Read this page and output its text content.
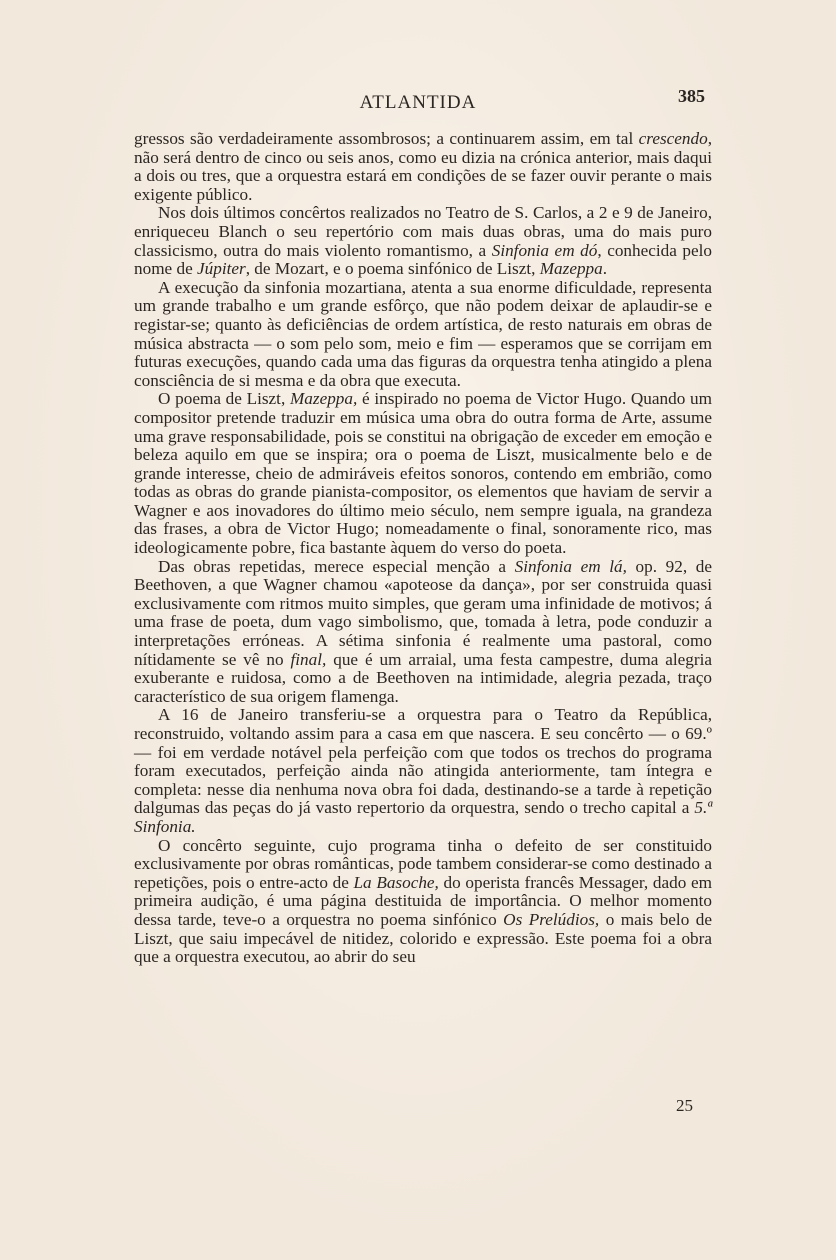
ATLANTIDA	385

gressos são verdadeiramente assombrosos; a continuarem assim, em tal crescendo, não será dentro de cinco ou seis anos, como eu dizia na crónica anterior, mais daqui a dois ou tres, que a orquestra estará em condições de se fazer ouvir perante o mais exigente público.

Nos dois últimos concêrtos realizados no Teatro de S. Carlos, a 2 e 9 de Janeiro, enriqueceu Blanch o seu repertório com mais duas obras, uma do mais puro classicismo, outra do mais violento romantismo, a Sinfonia em dó, conhecida pelo nome de Júpiter, de Mozart, e o poema sinfónico de Liszt, Mazeppa.

A execução da sinfonia mozartiana, atenta a sua enorme dificuldade, representa um grande trabalho e um grande esfôrço, que não podem deixar de aplaudir-se e registar-se; quanto às deficiências de ordem artística, de resto naturais em obras de música abstracta — o som pelo som, meio e fim — esperamos que se corrijam em futuras execuções, quando cada uma das figuras da orquestra tenha atingido a plena consciência de si mesma e da obra que executa.

O poema de Liszt, Mazeppa, é inspirado no poema de Victor Hugo. Quando um compositor pretende traduzir em música uma obra do outra forma de Arte, assume uma grave responsabilidade, pois se constitui na obrigação de exceder em emoção e beleza aquilo em que se inspira; ora o poema de Liszt, musicalmente belo e de grande interesse, cheio de admiráveis efeitos sonoros, contendo em embrião, como todas as obras do grande pianista-compositor, os elementos que haviam de servir a Wagner e aos inovadores do último meio século, nem sempre iguala, na grandeza das frases, a obra de Victor Hugo; nomeadamente o final, sonoramente rico, mas ideologicamente pobre, fica bastante àquem do verso do poeta.

Das obras repetidas, merece especial menção a Sinfonia em lá, op. 92, de Beethoven, a que Wagner chamou «apoteose da dança», por ser construida quasi exclusivamente com ritmos muito simples, que geram uma infinidade de motivos; á uma frase de poeta, dum vago simbolismo, que, tomada à letra, pode conduzir a interpretações erróneas. A sétima sinfonia é realmente uma pastoral, como nítidamente se vê no final, que é um arraial, uma festa campestre, duma alegria exuberante e ruidosa, como a de Beethoven na intimidade, alegria pezada, traço característico de sua origem flamenga.

A 16 de Janeiro transferiu-se a orquestra para o Teatro da República, reconstruido, voltando assim para a casa em que nascera. E seu concêrto — o 69.º — foi em verdade notável pela perfeição com que todos os trechos do programa foram executados, perfeição ainda não atingida anteriormente, tam íntegra e completa: nesse dia nenhuma nova obra foi dada, destinando-se a tarde à repetição dalgumas das peças do já vasto repertorio da orquestra, sendo o trecho capital a 5.ª Sinfonia.

O concêrto seguinte, cujo programa tinha o defeito de ser constituido exclusivamente por obras românticas, pode tambem considerar-se como destinado a repetições, pois o entre-acto de La Basoche, do operista francês Messager, dado em primeira audição, é uma página destituida de importância. O melhor momento dessa tarde, teve-o a orquestra no poema sinfónico Os Prelúdios, o mais belo de Liszt, que saiu impecável de nitidez, colorido e expressão. Este poema foi a obra que a orquestra executou, ao abrir do seu

25
